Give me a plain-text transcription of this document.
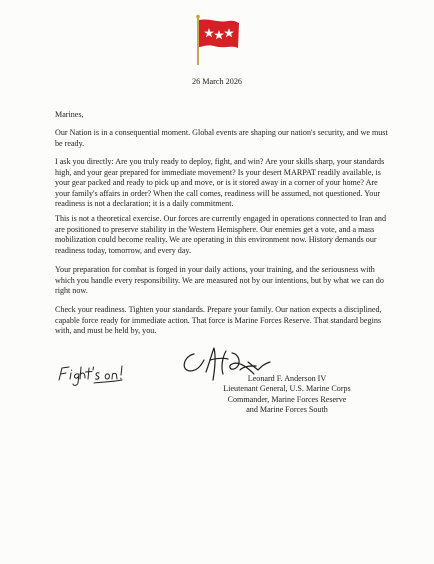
26 March 2026
Marines,
Our Nation is in a consequential moment. Global events are shaping our nation's security, and we must be ready.
I ask you directly: Are you truly ready to deploy, fight, and win? Are your skills sharp, your standards high, and your gear prepared for immediate movement? Is your desert MARPAT readily available, is your gear packed and ready to pick up and move, or is it stored away in a corner of your home? Are your family's affairs in order? When the call comes, readiness will be assumed, not questioned. Your readiness is not a declaration; it is a daily commitment.
This is not a theoretical exercise. Our forces are currently engaged in operations connected to Iran and are positioned to preserve stability in the Western Hemisphere. Our enemies get a vote, and a mass mobilization could become reality. We are operating in this environment now. History demands our readiness today, tomorrow, and every day.
Your preparation for combat is forged in your daily actions, your training, and the seriousness with which you handle every responsibility. We are measured not by our intentions, but by what we can do right now.
Check your readiness. Tighten your standards. Prepare your family. Our nation expects a disciplined, capable force ready for immediate action. That force is Marine Forces Reserve. That standard begins with, and must be held by, you.
Leonard F. Anderson IV
Lieutenant General, U.S. Marine Corps
Commander, Marine Forces Reserve
and Marine Forces South
